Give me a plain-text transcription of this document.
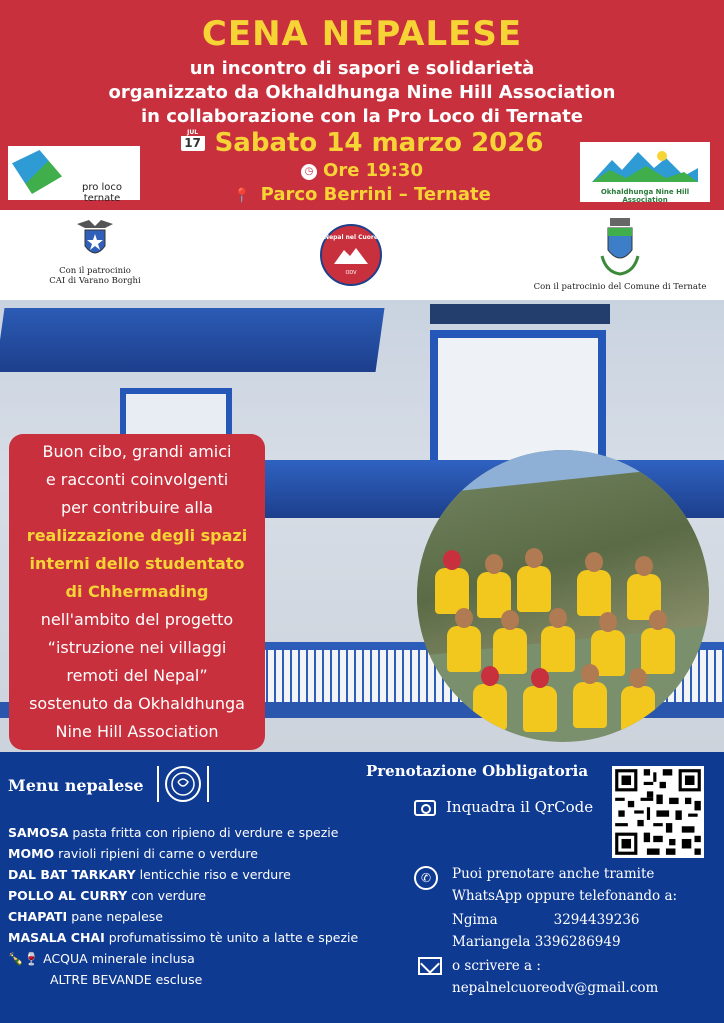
CENA NEPALESE
un incontro di sapori e solidarietà
organizzato da Okhaldhunga Nine Hill Association
in collaborazione con la Pro Loco di Ternate
JUL
17 Sabato 14 marzo 2026
◷ Ore 19:30
📍 Parco Berrini – Ternate
pro loco ternate
Okhaldhunga Nine Hill Association
Con il patrocinio
CAI di Varano Borghi
Nepal nel Cuore
ODV
Con il patrocinio del Comune di Ternate
Buon cibo, grandi amici
e racconti coinvolgenti
per contribuire alla
realizzazione degli spazi
interni dello studentato
di Chhermading
nell'ambito del progetto
“istruzione nei villaggi
remoti del Nepal”
sostenuto da Okhaldhunga
Nine Hill Association
Menu nepalese
SAMOSA pasta fritta con ripieno di verdure e spezie
MOMO ravioli ripieni di carne o verdure
DAL BAT TARKARY lenticchie riso e verdure
POLLO AL CURRY con verdure
CHAPATI pane nepalese
MASALA CHAI profumatissimo tè unito a latte e spezie
🍾🍷 ACQUA minerale inclusa
ALTRE BEVANDE escluse
Prenotazione Obbligatoria
Inquadra il QrCode
✆	Puoi prenotare anche tramite
WhatsApp oppure telefonando a:
Ngima	3294439236
Mariangela 3396286949
o scrivere a :
nepalnelcuoreodv@gmail.com
